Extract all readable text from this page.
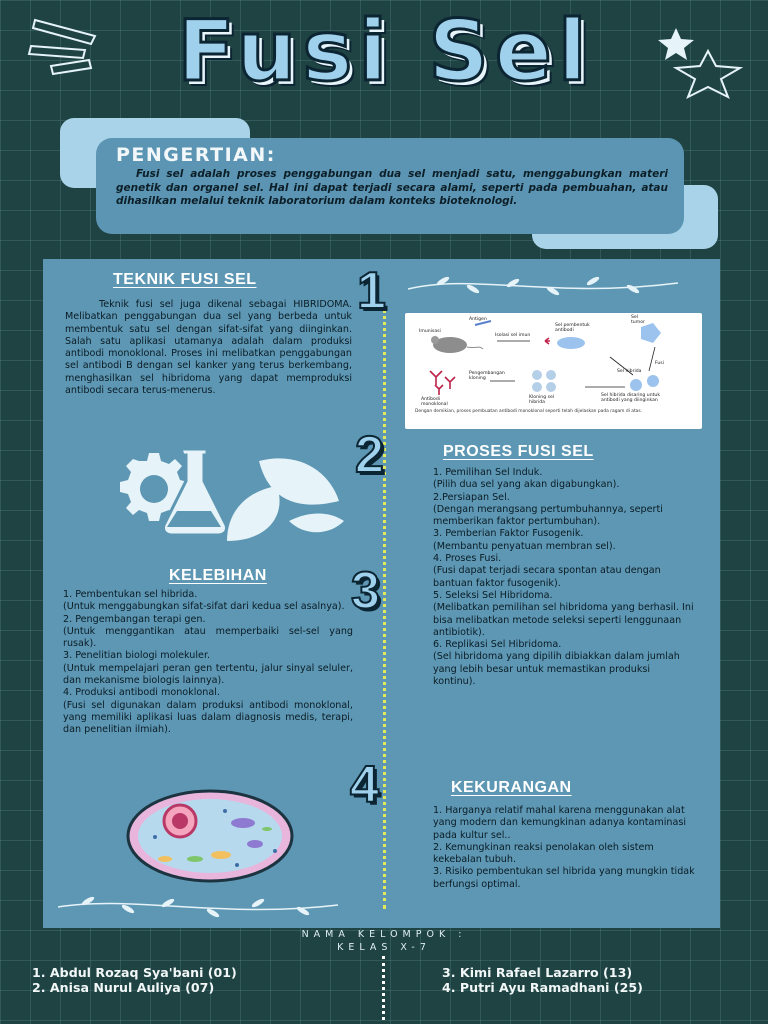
Fusi Sel
PENGERTIAN:
Fusi sel adalah proses penggabungan dua sel menjadi satu, menggabungkan materi genetik dan organel sel. Hal ini dapat terjadi secara alami, seperti pada pembuahan, atau dihasilkan melalui teknik laboratorium dalam konteks bioteknologi.
TEKNIK FUSI SEL 1
Teknik fusi sel juga dikenal sebagai HIBRIDOMA. Melibatkan penggabungan dua sel yang berbeda untuk membentuk satu sel dengan sifat-sifat yang diinginkan. Salah satu aplikasi utamanya adalah dalam produksi antibodi monoklonal. Proses ini melibatkan penggabungan sel antibodi B dengan sel kanker yang terus berkembang, menghasilkan sel hibridoma yang dapat memproduksi antibodi secara terus-menerus.
Antigen
Imunisasi
Isolasi sel imun
Sel pembentuk antibodi
Sel tumor
Fusi
Sel hibrida
Pengembangan kloning
Kloning sel hibrida
Antibodi monoklonal
Sel hibrida disaring untuk antibodi yang diinginkan
Dengan demikian, proses pembuatan antibodi monoklonal seperti telah dijelaskan pada ragam di atas.
2	PROSES FUSI SEL

1. Pemilihan Sel Induk.

(Pilih dua sel yang akan digabungkan).

2.Persiapan Sel.

(Dengan merangsang pertumbuhannya, seperti memberikan faktor pertumbuhan).

3. Pemberian Faktor Fusogenik.

(Membantu penyatuan membran sel).

4. Proses Fusi.

(Fusi dapat terjadi secara spontan atau dengan bantuan faktor fusogenik).

5. Seleksi Sel Hibridoma.

(Melibatkan pemilihan sel hibridoma yang berhasil. Ini bisa melibatkan metode seleksi seperti lenggunaan antibiotik).

6. Replikasi Sel Hibridoma.

(Sel hibridoma yang dipilih dibiakkan dalam jumlah yang lebih besar untuk memastikan produksi kontinu).

KELEBIHAN 3

1. Pembentukan sel hibrida.

(Untuk menggabungkan sifat-sifat dari kedua sel asalnya).

2. Pengembangan terapi gen.

(Untuk menggantikan atau memperbaiki sel-sel yang rusak).

3. Penelitian biologi molekuler.

(Untuk mempelajari peran gen tertentu, jalur sinyal seluler, dan mekanisme biologis lainnya).

4. Produksi antibodi monoklonal.

(Fusi sel digunakan dalam produksi antibodi monoklonal, yang memiliki aplikasi luas dalam diagnosis medis, terapi, dan penelitian ilmiah).

4	KEKURANGAN

1. Harganya relatif mahal karena menggunakan alat yang modern dan kemungkinan adanya kontaminasi pada kultur sel..

2. Kemungkinan reaksi penolakan oleh sistem kekebalan tubuh.

3. Risiko pembentukan sel hibrida yang mungkin tidak berfungsi optimal.

NAMA KELOMPOK :
KELAS X-7
1. Abdul Rozaq Sya'bani (01)
2. Anisa Nurul Auliya (07)
3. Kimi Rafael Lazarro (13)
4. Putri Ayu Ramadhani (25)
